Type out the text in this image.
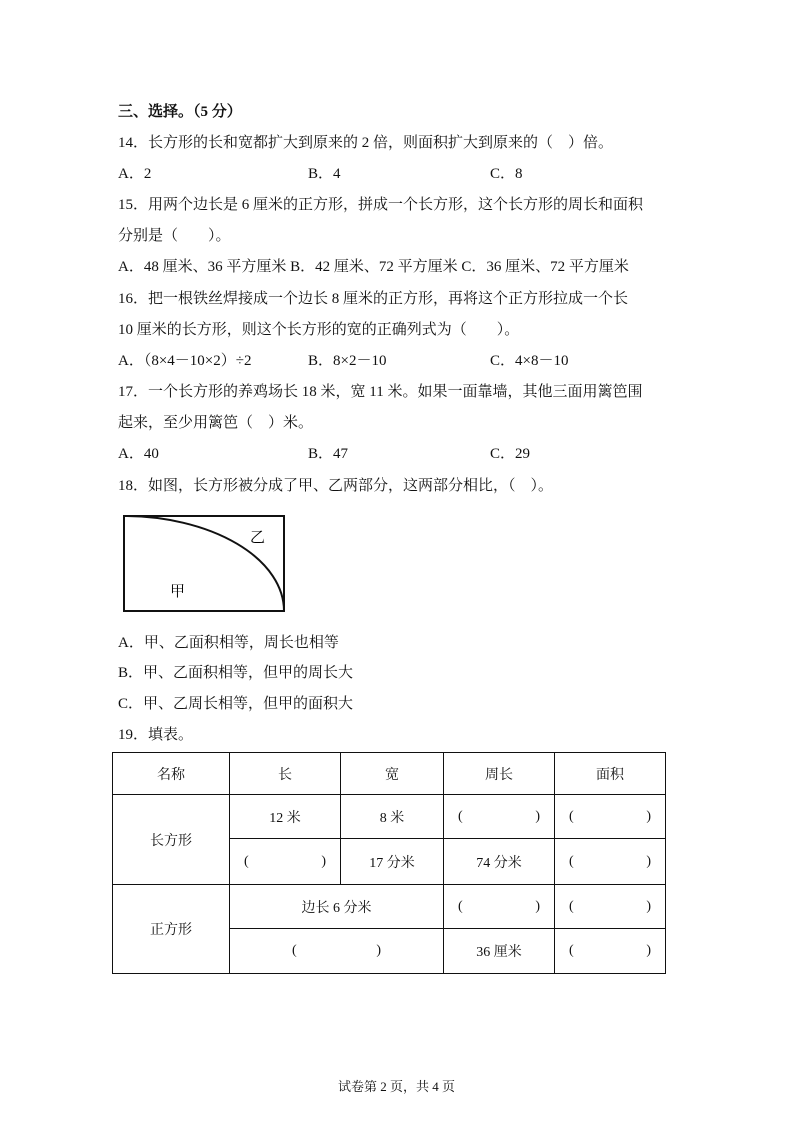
三、选择。（5 分）
14．长方形的长和宽都扩大到原来的 2 倍，则面积扩大到原来的（　）倍。
A．2	B．4	C．8
15．用两个边长是 6 厘米的正方形，拼成一个长方形，这个长方形的周长和面积
分别是（　　）。
A．48 厘米、36 平方厘米 B．42 厘米、72 平方厘米 C．36 厘米、72 平方厘米
16．把一根铁丝焊接成一个边长 8 厘米的正方形，再将这个正方形拉成一个长
10 厘米的长方形，则这个长方形的宽的正确列式为（　　）。
A．（8×4－10×2）÷2	B．8×2－10	C．4×8－10
17．一个长方形的养鸡场长 18 米，宽 11 米。如果一面靠墙，其他三面用篱笆围
起来，至少用篱笆（　）米。
A．40	B．47	C．29
18．如图，长方形被分成了甲、乙两部分，这两部分相比，（　）。
乙
甲
A．甲、乙面积相等，周长也相等
B．甲、乙面积相等，但甲的周长大
C．甲、乙周长相等，但甲的面积大
19．填表。
名称	长	宽	周长	面积
长方形	12 米	8 米	( )	( )

	( )	17 分米	74 分米	( )

正方形	边长 6 分米		( )	( )

	( )		36 厘米	( )
试卷第 2 页，共 4 页
